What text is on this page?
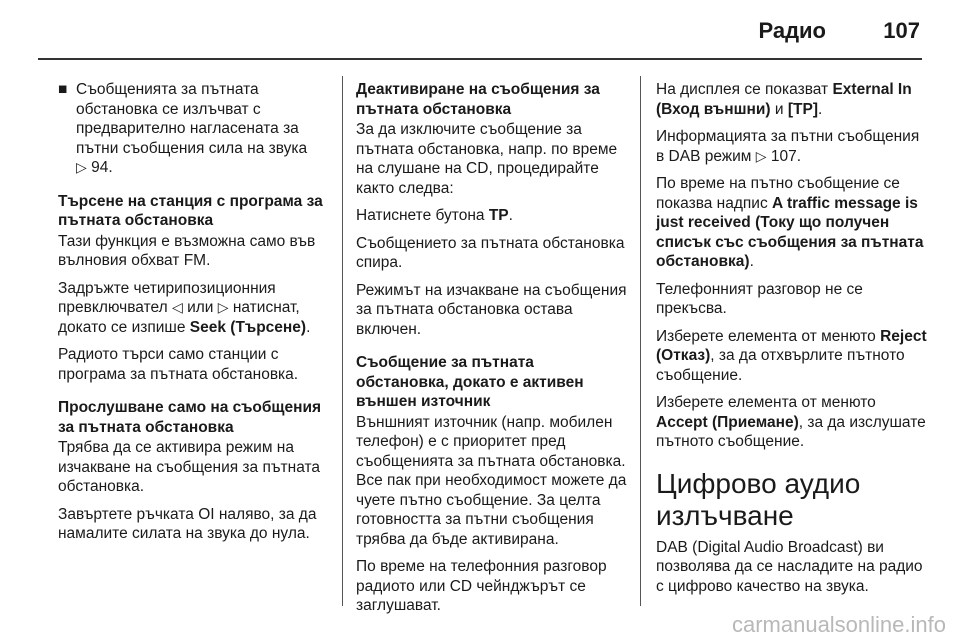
Радио	107

■ Съобщенията за пътната обстановка се излъчват с предварително нагласената за пътни съобщения сила на звука
▷ 94.

Търсене на станция с програма за пътната обстановка

Тази функция е възможна само във вълновия обхват FM.

Задръжте четирипозиционния превключвател ◁ или ▷ натиснат, докато се изпише Seek (Търсене).

Радиото търси само станции с програма за пътната обстановка.

Прослушване само на съобщения за пътната обстановка

Трябва да се активира режим на изчакване на съобщения за пътната обстановка.

Завъртете ръчката OI наляво, за да намалите силата на звука до нула.

Деактивиране на съобщения за пътната обстановка

За да изключите съобщение за пътната обстановка, напр. по време на слушане на CD, процедирайте както следва:

Натиснете бутона TP.

Съобщението за пътната обстановка спира.

Режимът на изчакване на съобщения за пътната обстановка остава включен.

Съобщение за пътната обстановка, докато е активен външен източник

Външният източник (напр. мобилен телефон) е с приоритет пред съобщенията за пътната обстановка. Все пак при необходимост можете да чуете пътно съобщение. За целта готовността за пътни съобщения трябва да бъде активирана.

По време на телефонния разговор радиото или CD чейнджърът се заглушават.

На дисплея се показват External In (Вход външни) и [TP].

Информацията за пътни съобщения в DAB режим ▷ 107.

По време на пътно съобщение се показва надпис A traffic message is just received (Току що получен списък със съобщения за пътната обстановка).

Телефонният разговор не се прекъсва.

Изберете елемента от менюто Reject (Отказ), за да отхвърлите пътното съобщение.

Изберете елемента от менюто Accept (Приемане), за да изслушате пътното съобщение.

Цифрово аудио излъчване

DAB (Digital Audio Broadcast) ви позволява да се насладите на радио с цифрово качество на звука.

carmanualsonline.info
